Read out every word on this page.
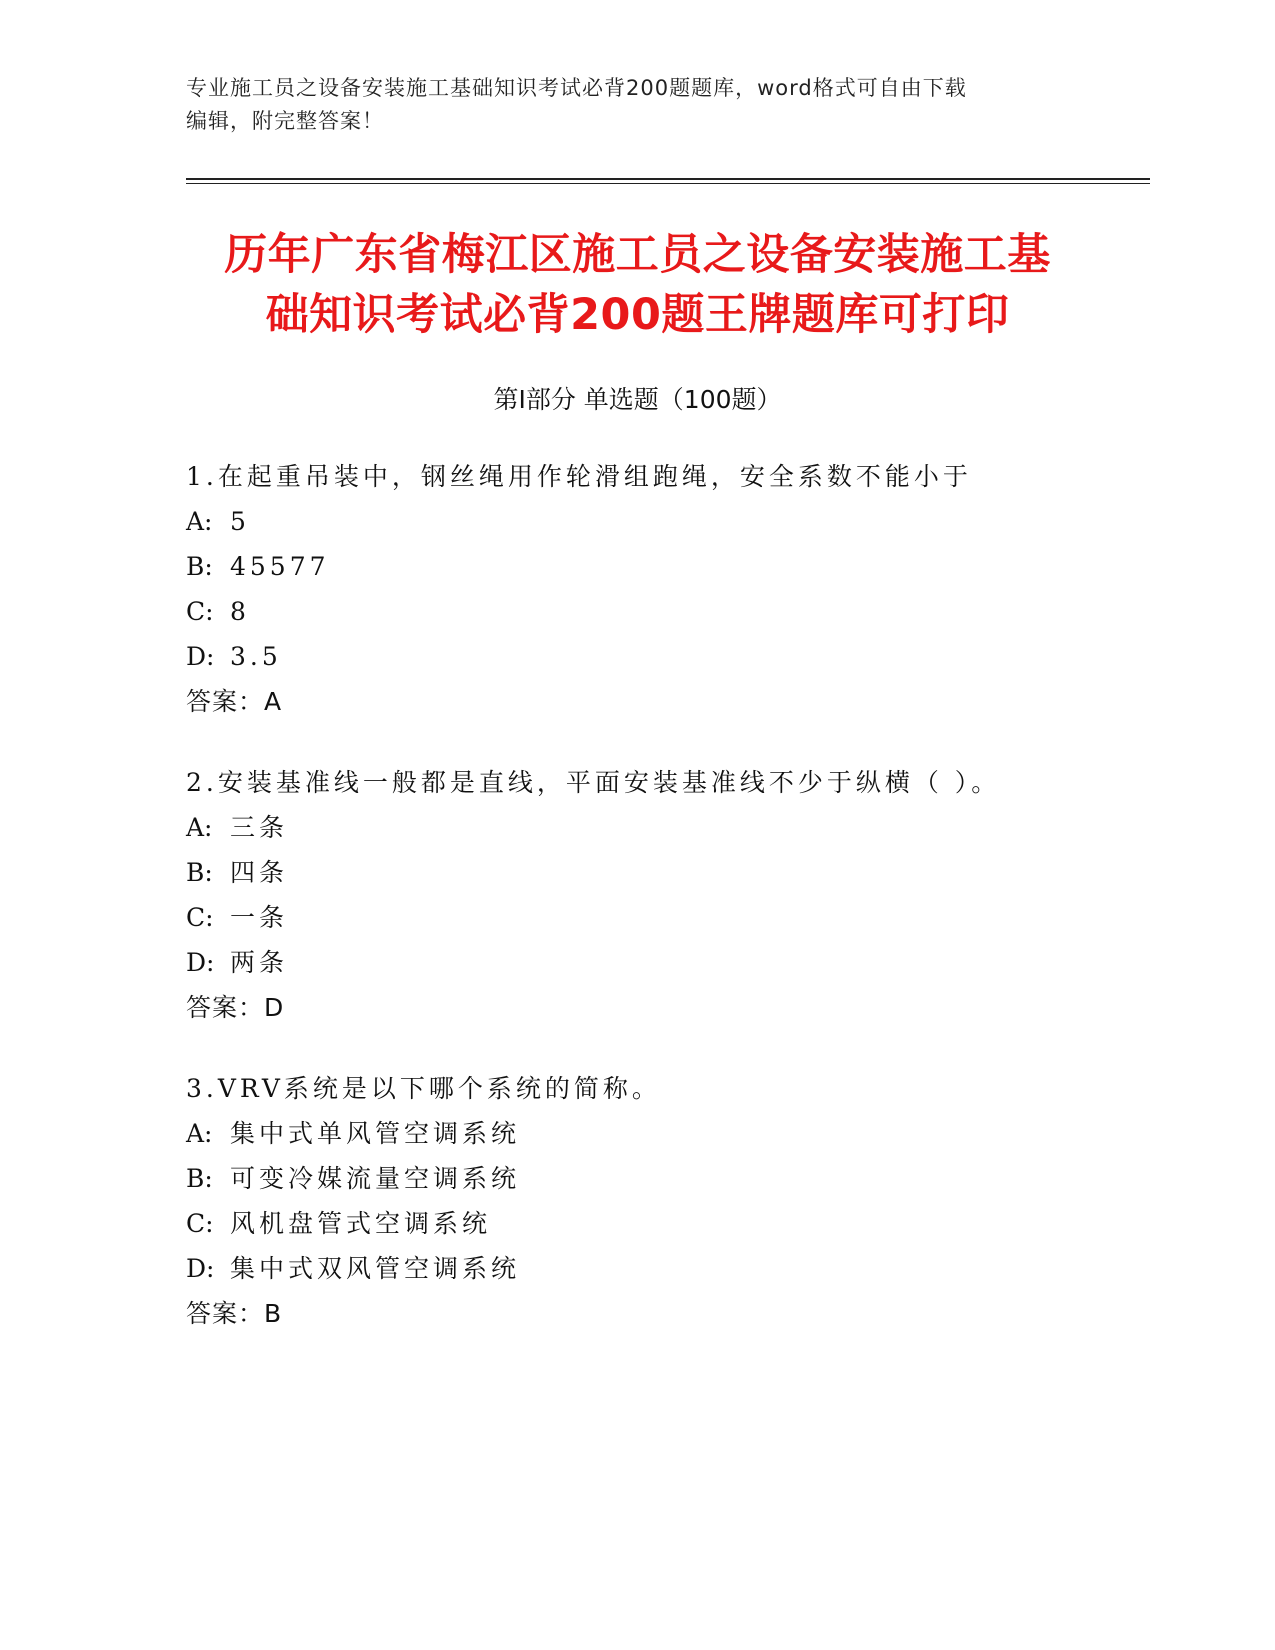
专业施工员之设备安装施工基础知识考试必背200题题库，word格式可自由下载
编辑，附完整答案！
历年广东省梅江区施工员之设备安装施工基
础知识考试必背200题王牌题库可打印
第Ⅰ部分 单选题（100题）
1.在起重吊装中，钢丝绳用作轮滑组跑绳，安全系数不能小于
A: 5
B: 45577
C: 8
D: 3.5
答案：A
2.安装基准线一般都是直线，平面安装基准线不少于纵横（ ）。
A: 三条
B: 四条
C: 一条
D: 两条
答案：D
3.VRV系统是以下哪个系统的简称。
A: 集中式单风管空调系统
B: 可变冷媒流量空调系统
C: 风机盘管式空调系统
D: 集中式双风管空调系统
答案：B
